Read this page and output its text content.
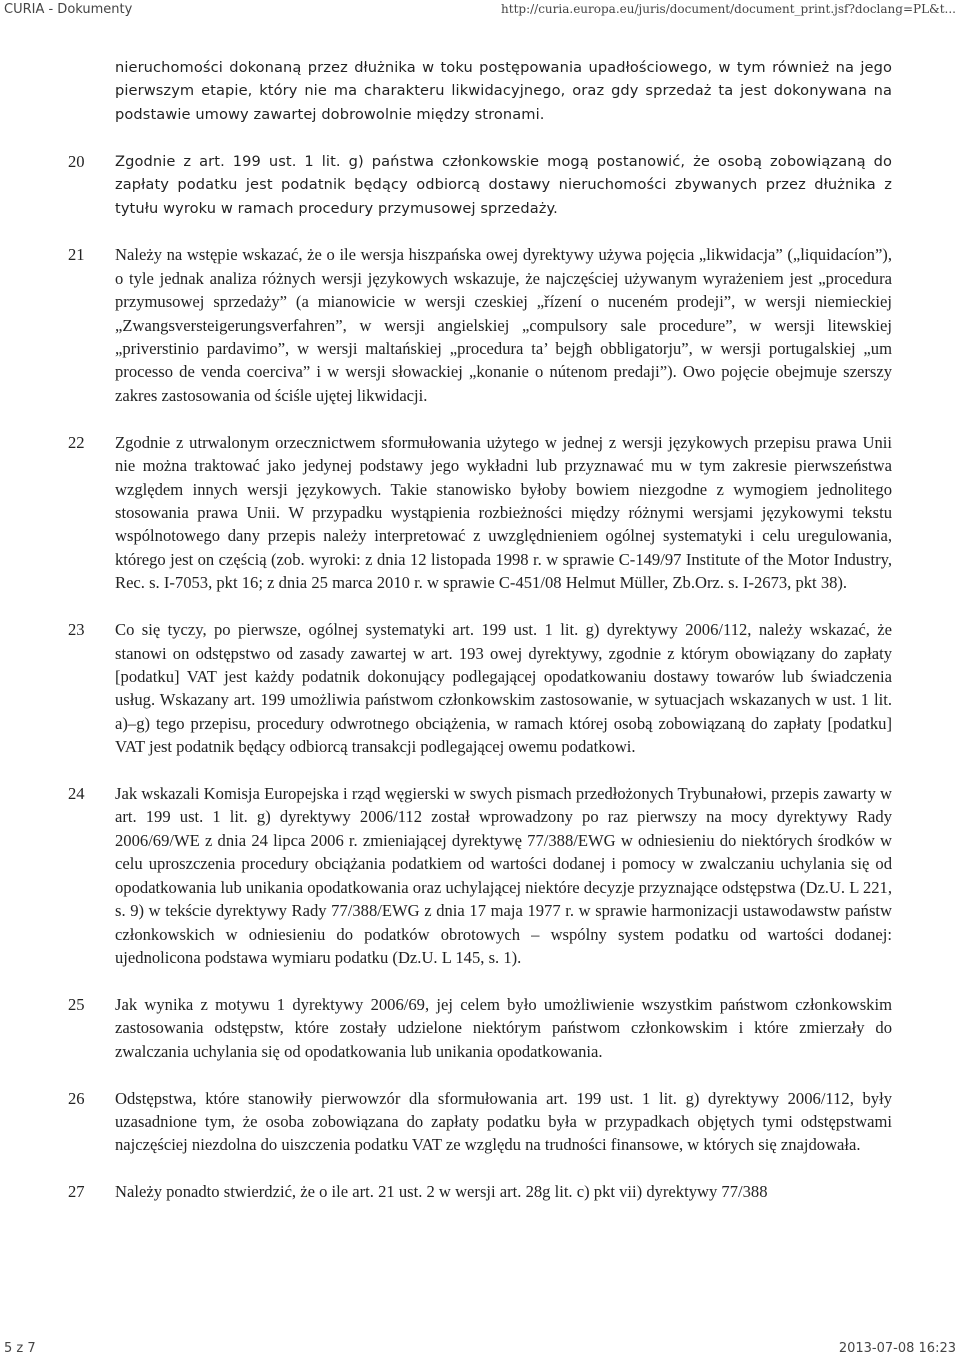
CURIA - Dokumenty	http://curia.europa.eu/juris/document/document_print.jsf?doclang=PL&t...
nieruchomości dokonaną przez dłużnika w toku postępowania upadłościowego, w tym również na jego pierwszym etapie, który nie ma charakteru likwidacyjnego, oraz gdy sprzedaż ta jest dokonywana na podstawie umowy zawartej dobrowolnie między stronami.
20	Zgodnie z art. 199 ust. 1 lit. g) państwa członkowskie mogą postanowić, że osobą zobowiązaną do zapłaty podatku jest podatnik będący odbiorcą dostawy nieruchomości zbywanych przez dłużnika z tytułu wyroku w ramach procedury przymusowej sprzedaży.
21	Należy na wstępie wskazać, że o ile wersja hiszpańska owej dyrektywy używa pojęcia „likwidacja” („liquidacíon”), o tyle jednak analiza różnych wersji językowych wskazuje, że najczęściej używanym wyrażeniem jest „procedura przymusowej sprzedaży” (a mianowicie w wersji czeskiej „řízení o nuceném prodeji”, w wersji niemieckiej „Zwangsversteigerungsverfahren”, w wersji angielskiej „compulsory sale procedure”, w wersji litewskiej „priverstinio pardavimo”, w wersji maltańskiej „procedura ta’ bejgħ obbligatorju”, w wersji portugalskiej „um processo de venda coerciva” i w wersji słowackiej „konanie o nútenom predaji”). Owo pojęcie obejmuje szerszy zakres zastosowania od ściśle ujętej likwidacji.
22	Zgodnie z utrwalonym orzecznictwem sformułowania użytego w jednej z wersji językowych przepisu prawa Unii nie można traktować jako jedynej podstawy jego wykładni lub przyznawać mu w tym zakresie pierwszeństwa względem innych wersji językowych. Takie stanowisko byłoby bowiem niezgodne z wymogiem jednolitego stosowania prawa Unii. W przypadku wystąpienia rozbieżności między różnymi wersjami językowymi tekstu wspólnotowego dany przepis należy interpretować z uwzględnieniem ogólnej systematyki i celu uregulowania, którego jest on częścią (zob. wyroki: z dnia 12 listopada 1998 r. w sprawie C-149/97 Institute of the Motor Industry, Rec. s. I-7053, pkt 16; z dnia 25 marca 2010 r. w sprawie C-451/08 Helmut Müller, Zb.Orz. s. I-2673, pkt 38).
23	Co się tyczy, po pierwsze, ogólnej systematyki art. 199 ust. 1 lit. g) dyrektywy 2006/112, należy wskazać, że stanowi on odstępstwo od zasady zawartej w art. 193 owej dyrektywy, zgodnie z którym obowiązany do zapłaty [podatku] VAT jest każdy podatnik dokonujący podlegającej opodatkowaniu dostawy towarów lub świadczenia usług. Wskazany art. 199 umożliwia państwom członkowskim zastosowanie, w sytuacjach wskazanych w ust. 1 lit. a)–g) tego przepisu, procedury odwrotnego obciążenia, w ramach której osobą zobowiązaną do zapłaty [podatku] VAT jest podatnik będący odbiorcą transakcji podlegającej owemu podatkowi.
24	Jak wskazali Komisja Europejska i rząd węgierski w swych pismach przedłożonych Trybunałowi, przepis zawarty w art. 199 ust. 1 lit. g) dyrektywy 2006/112 został wprowadzony po raz pierwszy na mocy dyrektywy Rady 2006/69/WE z dnia 24 lipca 2006 r. zmieniającej dyrektywę 77/388/EWG w odniesieniu do niektórych środków w celu uproszczenia procedury obciążania podatkiem od wartości dodanej i pomocy w zwalczaniu uchylania się od opodatkowania lub unikania opodatkowania oraz uchylającej niektóre decyzje przyznające odstępstwa (Dz.U. L 221, s. 9) w tekście dyrektywy Rady 77/388/EWG z dnia 17 maja 1977 r. w sprawie harmonizacji ustawodawstw państw członkowskich w odniesieniu do podatków obrotowych – wspólny system podatku od wartości dodanej: ujednolicona podstawa wymiaru podatku (Dz.U. L 145, s. 1).
25	Jak wynika z motywu 1 dyrektywy 2006/69, jej celem było umożliwienie wszystkim państwom członkowskim zastosowania odstępstw, które zostały udzielone niektórym państwom członkowskim i które zmierzały do zwalczania uchylania się od opodatkowania lub unikania opodatkowania.
26	Odstępstwa, które stanowiły pierwowzór dla sformułowania art. 199 ust. 1 lit. g) dyrektywy 2006/112, były uzasadnione tym, że osoba zobowiązana do zapłaty podatku była w przypadkach objętych tymi odstępstwami najczęściej niezdolna do uiszczenia podatku VAT ze względu na trudności finansowe, w których się znajdowała.
27	Należy ponadto stwierdzić, że o ile art. 21 ust. 2 w wersji art. 28g lit. c) pkt vii) dyrektywy 77/388
5 z 7	2013-07-08 16:23
